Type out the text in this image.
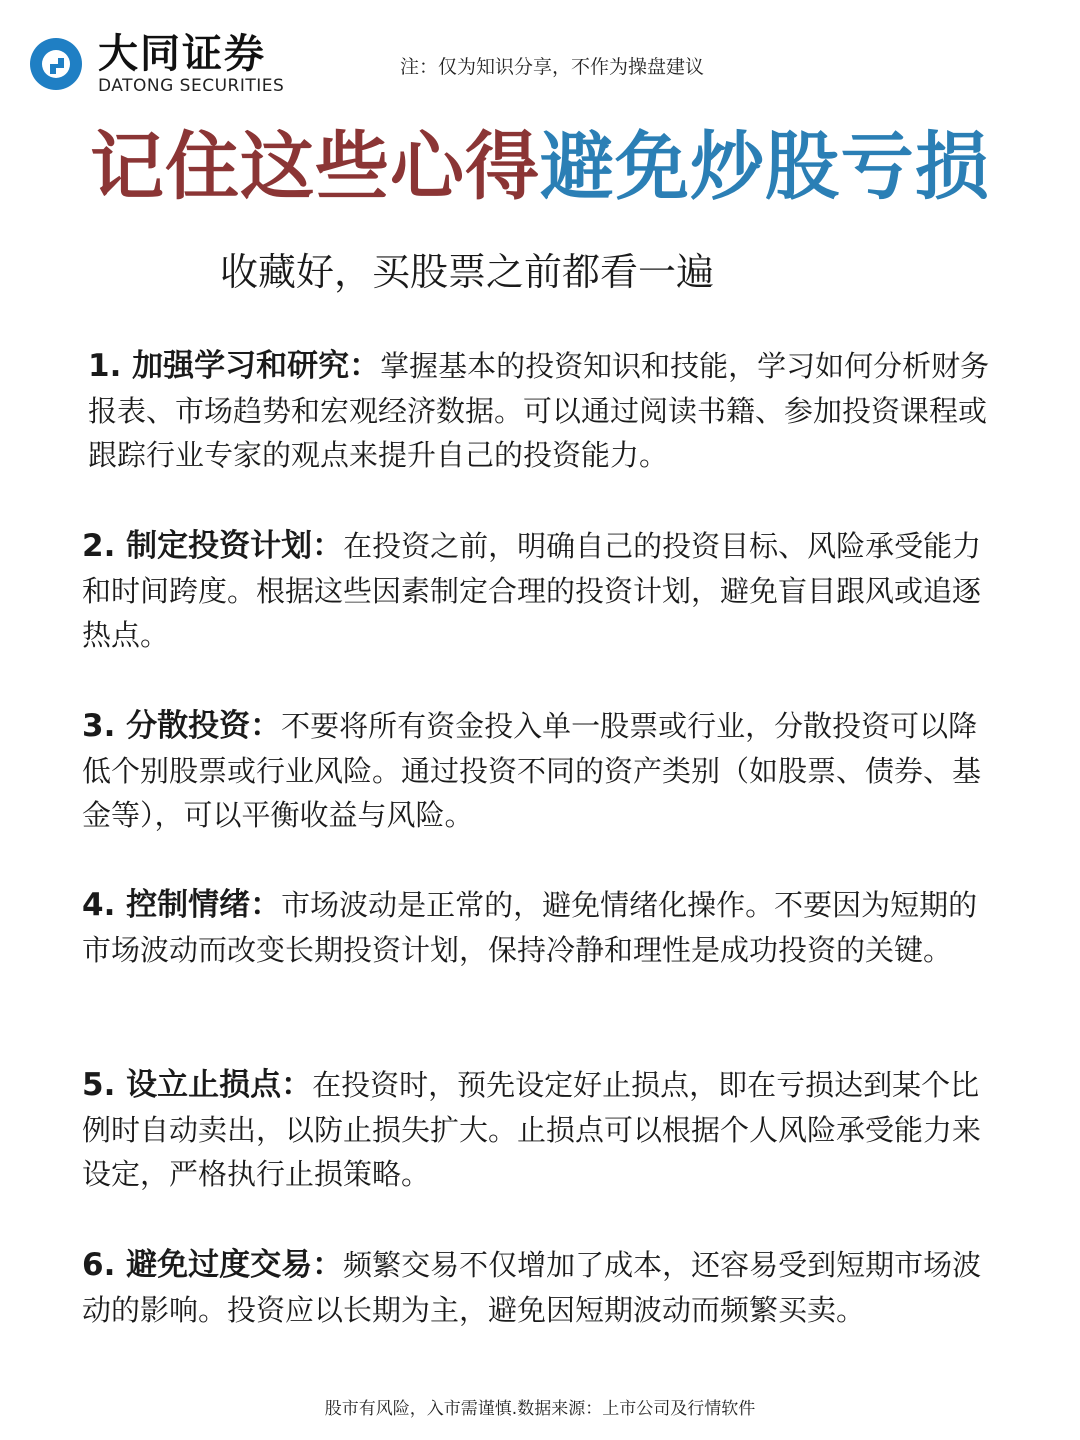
大同证券
DATONG SECURITIES
注：仅为知识分享，不作为操盘建议
记住这些心得避免炒股亏损
收藏好，买股票之前都看一遍
1. 加强学习和研究：掌握基本的投资知识和技能，学习如何分析财务报表、市场趋势和宏观经济数据。可以通过阅读书籍、参加投资课程或跟踪行业专家的观点来提升自己的投资能力。
2. 制定投资计划：在投资之前，明确自己的投资目标、风险承受能力和时间跨度。根据这些因素制定合理的投资计划，避免盲目跟风或追逐热点。
3. 分散投资：不要将所有资金投入单一股票或行业，分散投资可以降低个别股票或行业风险。通过投资不同的资产类别（如股票、债券、基金等），可以平衡收益与风险。
4. 控制情绪：市场波动是正常的，避免情绪化操作。不要因为短期的市场波动而改变长期投资计划，保持冷静和理性是成功投资的关键。
5. 设立止损点：在投资时，预先设定好止损点，即在亏损达到某个比例时自动卖出，以防止损失扩大。止损点可以根据个人风险承受能力来设定，严格执行止损策略。
6. 避免过度交易：频繁交易不仅增加了成本，还容易受到短期市场波动的影响。投资应以长期为主，避免因短期波动而频繁买卖。
股市有风险，入市需谨慎.数据来源：上市公司及行情软件
